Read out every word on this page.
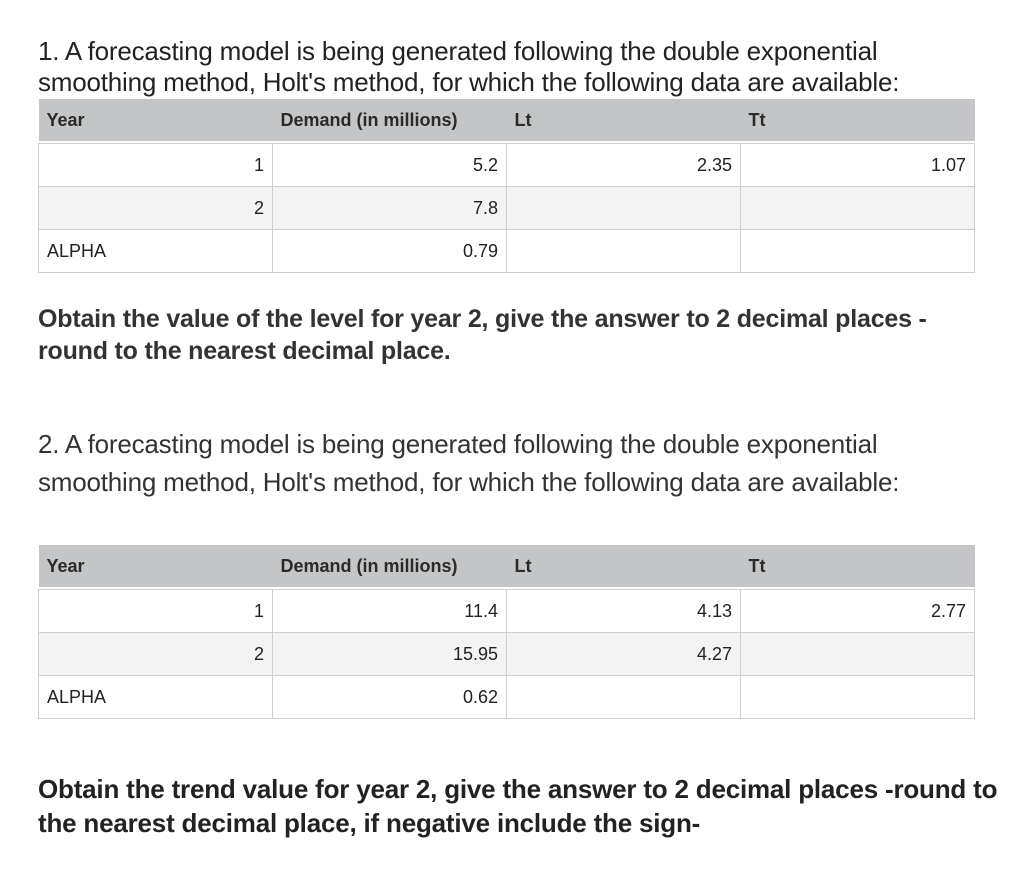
1. A forecasting model is being generated following the double exponential smoothing method, Holt's method, for which the following data are available:

Year	Demand (in millions)	Lt	Tt

1	5.2	2.35	1.07
2	7.8		
ALPHA	0.79		

Obtain the value of the level for year 2, give the answer to 2 decimal places - round to the nearest decimal place.

2. A forecasting model is being generated following the double exponential smoothing method, Holt's method, for which the following data are available:

Year	Demand (in millions)	Lt	Tt

1	11.4	4.13	2.77
2	15.95	4.27	
ALPHA	0.62		

Obtain the trend value for year 2, give the answer to 2 decimal places -round to the nearest decimal place, if negative include the sign-
